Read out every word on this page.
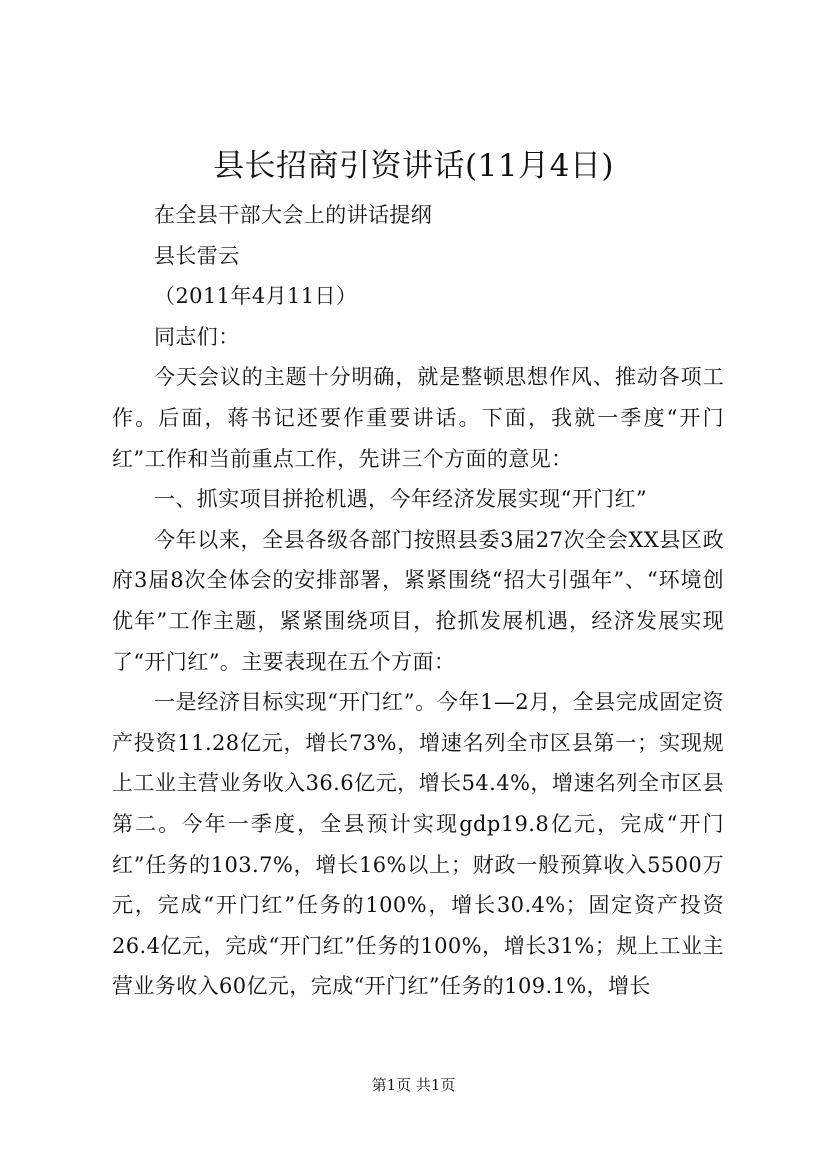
县长招商引资讲话(11月4日)

在全县干部大会上的讲话提纲

县长雷云

（2011年4月11日）

同志们：

今天会议的主题十分明确，就是整顿思想作风、推动各项工作。后面，蒋书记还要作重要讲话。下面，我就一季度“开门红”工作和当前重点工作，先讲三个方面的意见：

一、抓实项目拼抢机遇，今年经济发展实现“开门红”

今年以来，全县各级各部门按照县委3届27次全会XX县区政府3届8次全体会的安排部署，紧紧围绕“招大引强年”、“环境创优年”工作主题，紧紧围绕项目，抢抓发展机遇，经济发展实现了“开门红”。主要表现在五个方面：

一是经济目标实现“开门红”。今年1—2月，全县完成固定资产投资11.28亿元，增长73%，增速名列全市区县第一；实现规上工业主营业务收入36.6亿元，增长54.4%，增速名列全市区县第二。今年一季度，全县预计实现gdp19.8亿元，完成“开门红”任务的103.7%，增长16%以上；财政一般预算收入5500万元，完成“开门红”任务的100%，增长30.4%；固定资产投资26.4亿元，完成“开门红”任务的100%，增长31%；规上工业主营业务收入60亿元，完成“开门红”任务的109.1%，增长

第1页 共1页
